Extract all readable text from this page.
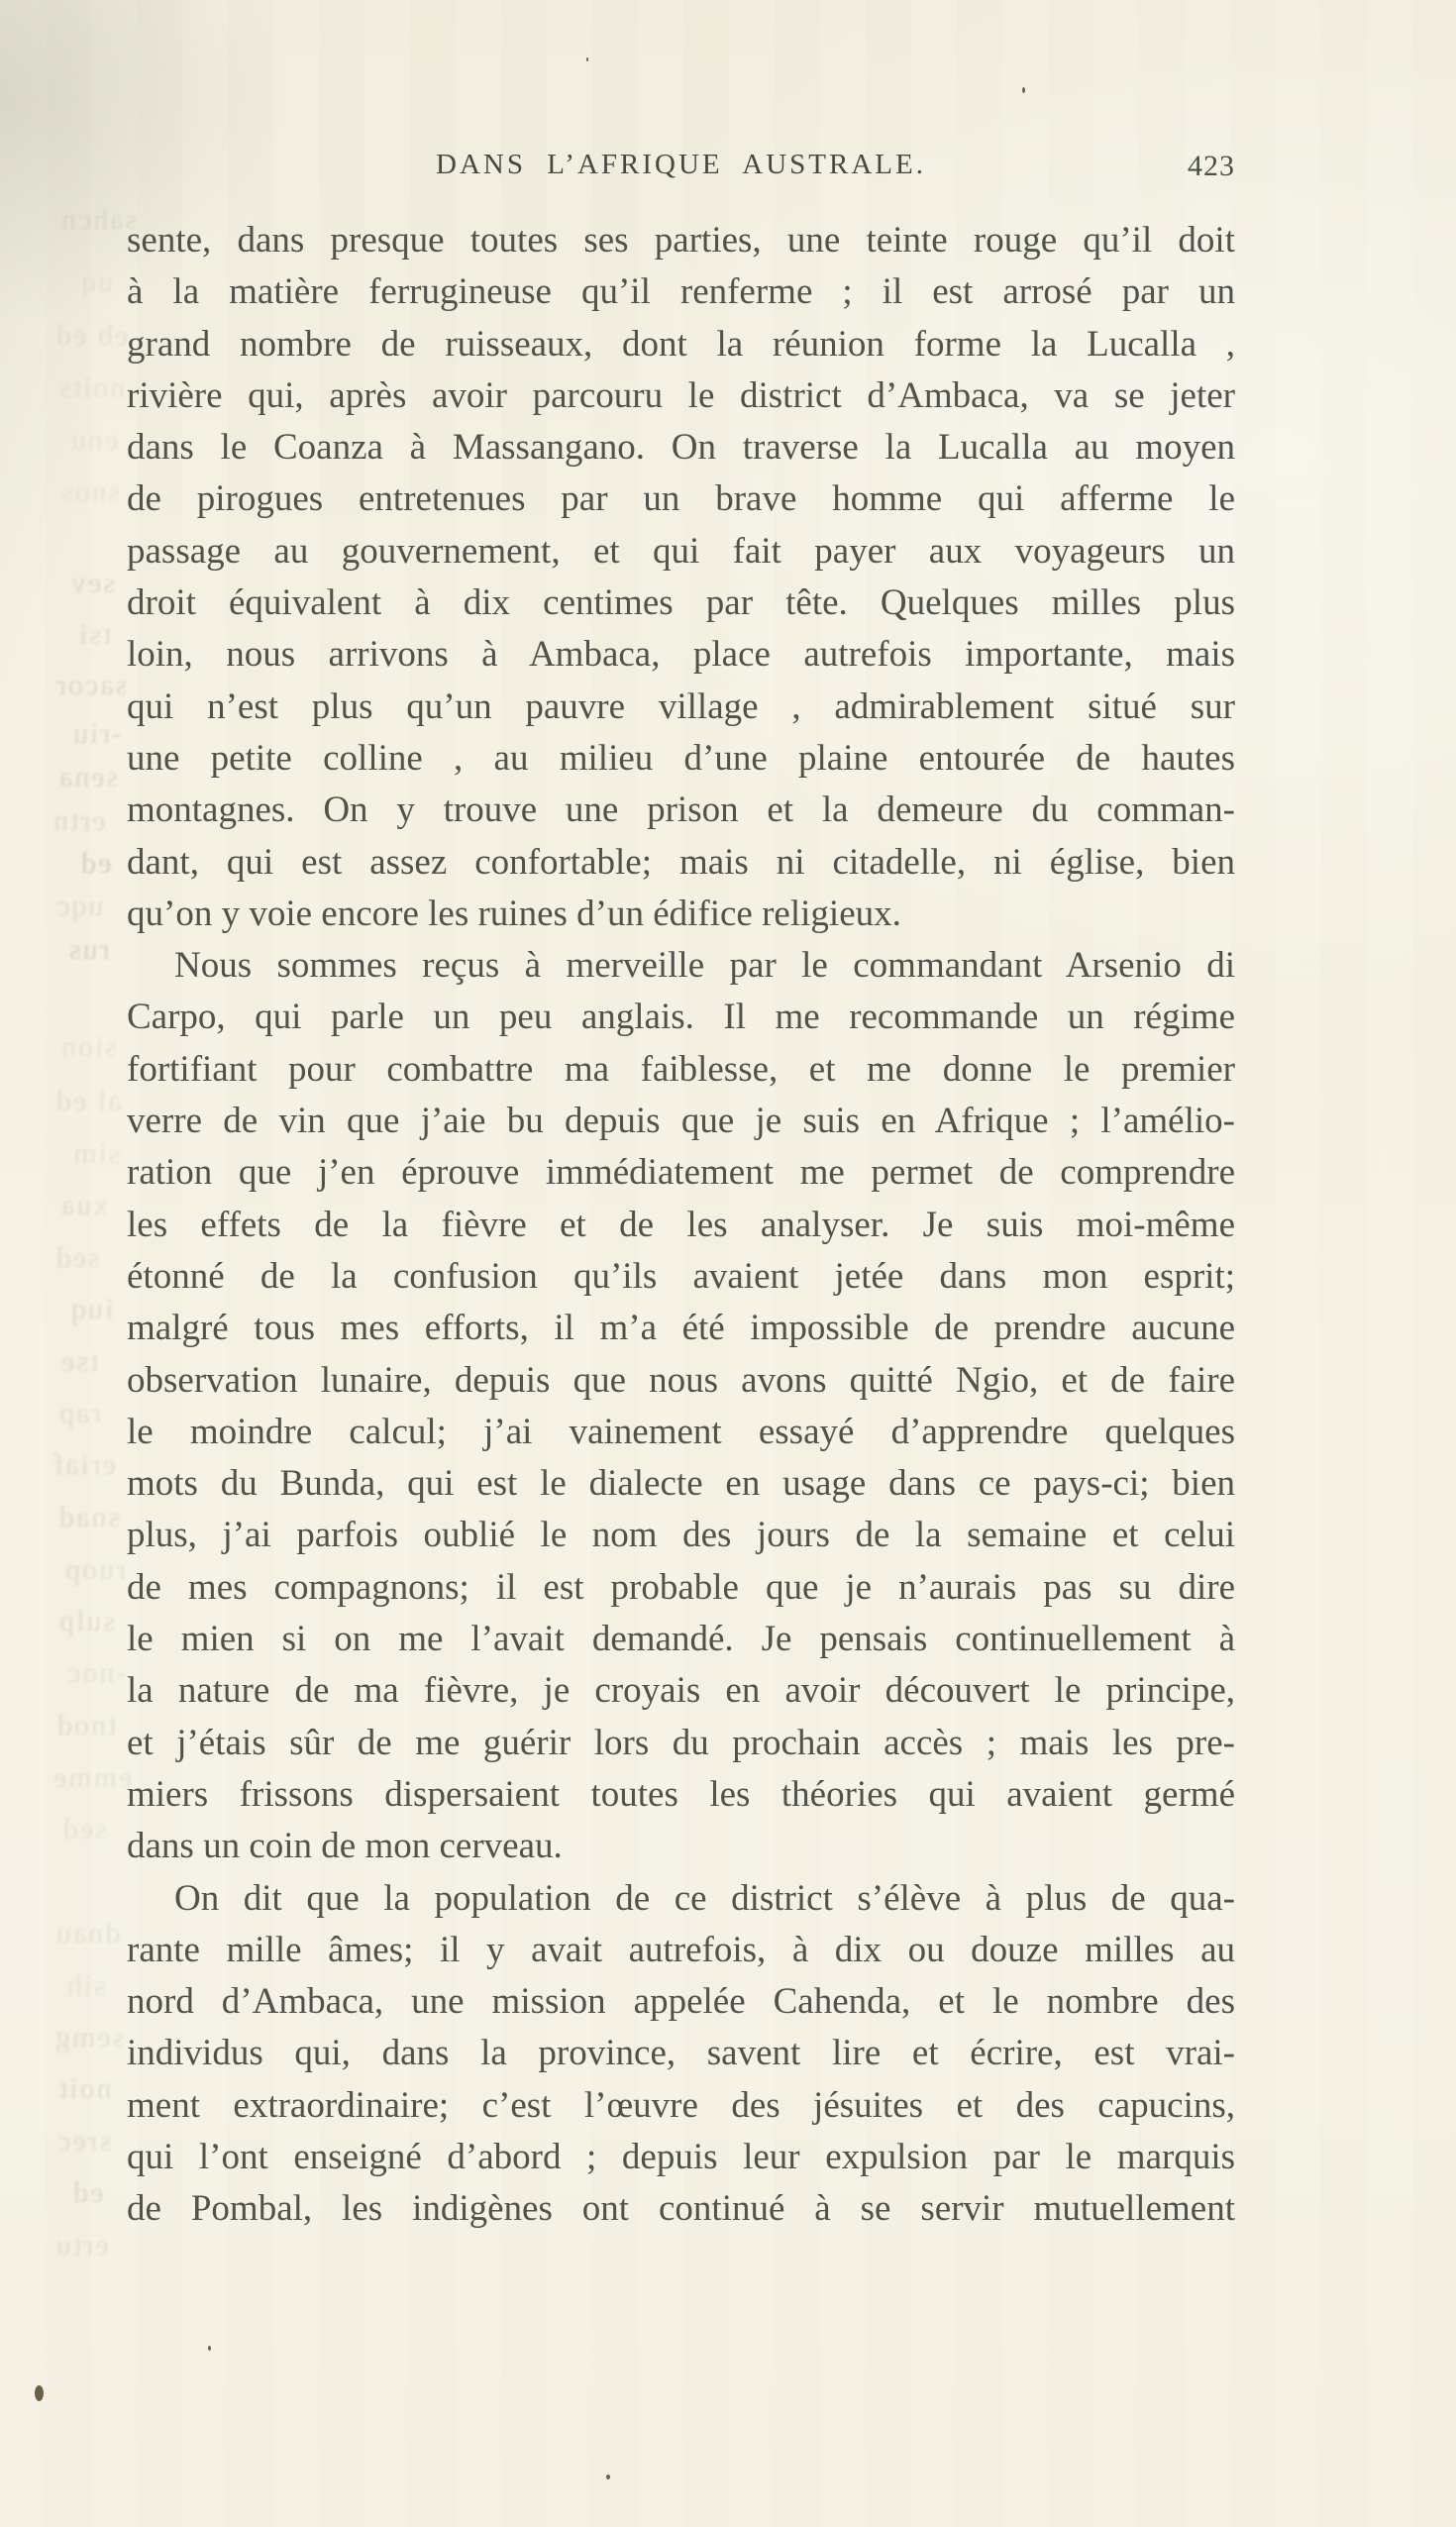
DANS L’AFRIQUE AUSTRALE.	423
sente, dans presque toutes ses parties, une teinte rouge qu’il doit
à la matière ferrugineuse qu’il renferme ; il est arrosé par un
grand nombre de ruisseaux, dont la réunion forme la Lucalla ,
rivière qui, après avoir parcouru le district d’Ambaca, va se jeter
dans le Coanza à Massangano. On traverse la Lucalla au moyen
de pirogues entretenues par un brave homme qui afferme le
passage au gouvernement, et qui fait payer aux voyageurs un
droit équivalent à dix centimes par tête. Quelques milles plus
loin, nous arrivons à Ambaca, place autrefois importante, mais
qui n’est plus qu’un pauvre village , admirablement situé sur
une petite colline , au milieu d’une plaine entourée de hautes
montagnes. On y trouve une prison et la demeure du comman-
dant, qui est assez confortable; mais ni citadelle, ni église, bien
qu’on y voie encore les ruines d’un édifice religieux.
Nous sommes reçus à merveille par le commandant Arsenio di
Carpo, qui parle un peu anglais. Il me recommande un régime
fortifiant pour combattre ma faiblesse, et me donne le premier
verre de vin que j’aie bu depuis que je suis en Afrique ; l’amélio-
ration que j’en éprouve immédiatement me permet de comprendre
les effets de la fièvre et de les analyser. Je suis moi-même
étonné de la confusion qu’ils avaient jetée dans mon esprit;
malgré tous mes efforts, il m’a été impossible de prendre aucune
observation lunaire, depuis que nous avons quitté Ngio, et de faire
le moindre calcul; j’ai vainement essayé d’apprendre quelques
mots du Bunda, qui est le dialecte en usage dans ce pays-ci; bien
plus, j’ai parfois oublié le nom des jours de la semaine et celui
de mes compagnons; il est probable que je n’aurais pas su dire
le mien si on me l’avait demandé. Je pensais continuellement à
la nature de ma fièvre, je croyais en avoir découvert le principe,
et j’étais sûr de me guérir lors du prochain accès ; mais les pre-
miers frissons dispersaient toutes les théories qui avaient germé
dans un coin de mon cerveau.
On dit que la population de ce district s’élève à plus de qua-
rante mille âmes; il y avait autrefois, à dix ou douze milles au
nord d’Ambaca, une mission appelée Cahenda, et le nombre des
individus qui, dans la province, savent lire et écrire, est vrai-
ment extraordinaire; c’est l’œuvre des jésuites et des capucins,
qui l’ont enseigné d’abord ; depuis leur expulsion par le marquis
de Pombal, les indigènes ont continué à se servir mutuellement
sahcn
uq
eb ed
noits
enu
snos
sev
tsi
sacor
-riu
sena
ertn
ed
uqc
rus
sion
al ed
sim
xua
sed
iuq
tse
rap
eriaf
snad
ruop
sulp
-noc
tnod
emme
sed
dnau
sih
semg
noit
srec
ed
ertu
